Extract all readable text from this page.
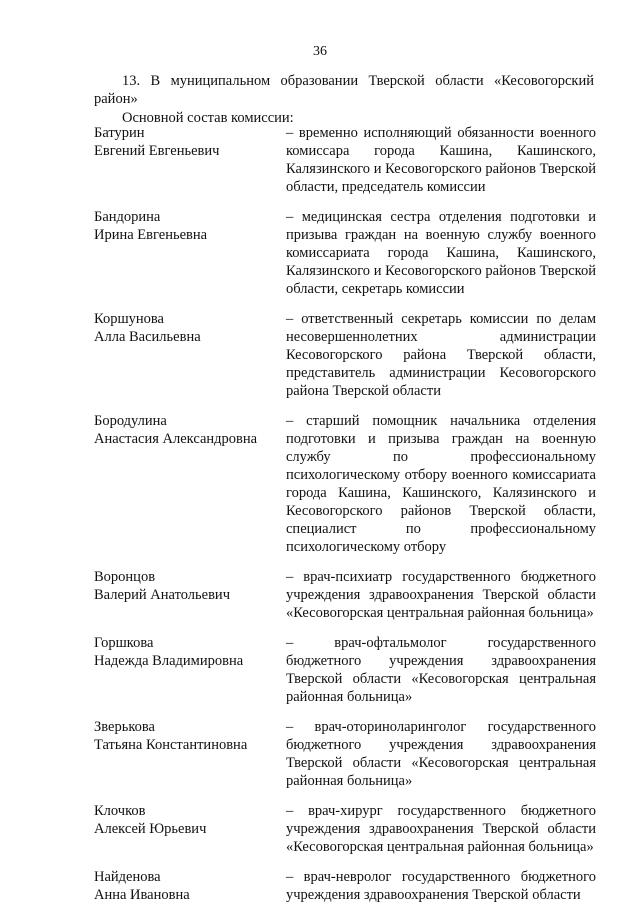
36
13. В муниципальном образовании Тверской области «Кесовогорский район»
Основной состав комиссии:
Батурин
Евгений Евгеньевич
– временно исполняющий обязанности военного комиссара города Кашина, Кашинского, Калязинского и Кесовогорского районов Тверской области, председатель комиссии
Бандорина
Ирина Евгеньевна
– медицинская сестра отделения подготовки и призыва граждан на военную службу военного комиссариата города Кашина, Кашинского, Калязинского и Кесовогорского районов Тверской области, секретарь комиссии
Коршунова
Алла Васильевна
– ответственный секретарь комиссии по делам несовершеннолетних администрации Кесовогорского района Тверской области, представитель администрации Кесовогорского района Тверской области
Бородулина
Анастасия Александровна
– старший помощник начальника отделения подготовки и призыва граждан на военную службу по профессиональному психологическому отбору военного комиссариата города Кашина, Кашинского, Калязинского и Кесовогорского районов Тверской области, специалист по профессиональному психологическому отбору
Воронцов
Валерий Анатольевич
– врач-психиатр государственного бюджетного учреждения здравоохранения Тверской области «Кесовогорская центральная районная больница»
Горшкова
Надежда Владимировна
– врач-офтальмолог государственного бюджетного учреждения здравоохранения Тверской области «Кесовогорская центральная районная больница»
Зверькова
Татьяна Константиновна
– врач-оториноларинголог государственного бюджетного учреждения здравоохранения Тверской области «Кесовогорская центральная районная больница»
Клочков
Алексей Юрьевич
– врач-хирург государственного бюджетного учреждения здравоохранения Тверской области «Кесовогорская центральная районная больница»
Найденова
Анна Ивановна
– врач-невролог государственного бюджетного учреждения здравоохранения Тверской области
